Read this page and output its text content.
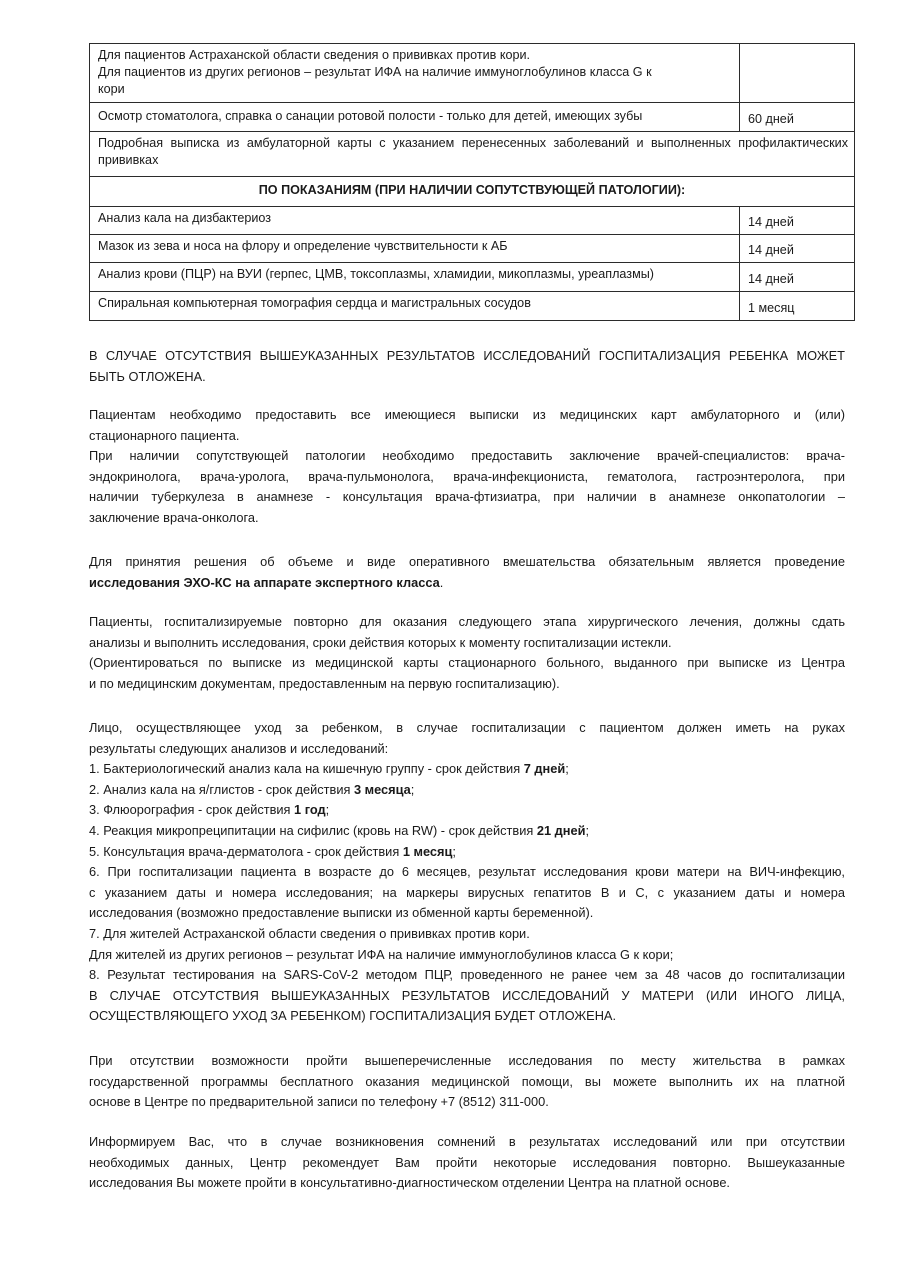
Для пациентов Астраханской области сведения о прививках против кори.
Для пациентов из других регионов – результат ИФА на наличие иммуноглобулинов класса G к
кори	

Осмотр стоматолога, справка о санации ротовой полости - только для детей, имеющих зубы	60 дней
Подробная выписка из амбулаторной карты с указанием перенесенных заболеваний и выполненных профилактических прививках	
ПО ПОКАЗАНИЯМ (ПРИ НАЛИЧИИ СОПУТСТВУЮЩЕЙ ПАТОЛОГИИ):	
Анализ кала на дизбактериоз	14 дней
Мазок из зева и носа на флору и определение чувствительности к АБ	14 дней
Анализ крови (ПЦР) на ВУИ (герпес, ЦМВ, токсоплазмы, хламидии, микоплазмы, уреаплазмы)	14 дней
Спиральная компьютерная томография сердца и магистральных сосудов	1 месяц
В СЛУЧАЕ ОТСУТСТВИЯ ВЫШЕУКАЗАННЫХ РЕЗУЛЬТАТОВ ИССЛЕДОВАНИЙ ГОСПИТАЛИЗАЦИЯ РЕБЕНКА МОЖЕТ
БЫТЬ ОТЛОЖЕНА.
Пациентам необходимо предоставить все имеющиеся выписки из медицинских карт амбулаторного и (или)
стационарного пациента.
При наличии сопутствующей патологии необходимо предоставить заключение врачей-специалистов: врача-
эндокринолога, врача-уролога, врача-пульмонолога, врача-инфекциониста, гематолога, гастроэнтеролога, при
наличии туберкулеза в анамнезе - консультация врача-фтизиатра, при наличии в анамнезе онкопатологии –
заключение врача-онколога.
Для принятия решения об объеме и виде оперативного вмешательства обязательным является проведение
исследования ЭХО-КС на аппарате экспертного класса.
Пациенты, госпитализируемые повторно для оказания следующего этапа хирургического лечения, должны сдать
анализы и выполнить исследования, сроки действия которых к моменту госпитализации истекли.
(Ориентироваться по выписке из медицинской карты стационарного больного, выданного при выписке из Центра
и по медицинским документам, предоставленным на первую госпитализацию).
Лицо, осуществляющее уход за ребенком, в случае госпитализации с пациентом должен иметь на руках
результаты следующих анализов и исследований:
1. Бактериологический анализ кала на кишечную группу - срок действия 7 дней;
2. Анализ кала на я/глистов - срок действия 3 месяца;
3. Флюорография - срок действия 1 год;
4. Реакция микропреципитации на сифилис (кровь на RW) - срок действия 21 дней;
5. Консультация врача-дерматолога - срок действия 1 месяц;
6. При госпитализации пациента в возрасте до 6 месяцев, результат исследования крови матери на ВИЧ-инфекцию,
с указанием даты и номера исследования; на маркеры вирусных гепатитов В и С, с указанием даты и номера
исследования (возможно предоставление выписки из обменной карты беременной).
7. Для жителей Астраханской области сведения о прививках против кори.
Для жителей из других регионов – результат ИФА на наличие иммуноглобулинов класса G к кори;
8. Результат тестирования на SARS-CoV-2 методом ПЦР, проведенного не ранее чем за 48 часов до госпитализации
В СЛУЧАЕ ОТСУТСТВИЯ ВЫШЕУКАЗАННЫХ РЕЗУЛЬТАТОВ ИССЛЕДОВАНИЙ У МАТЕРИ (ИЛИ ИНОГО ЛИЦА,
ОСУЩЕСТВЛЯЮЩЕГО УХОД ЗА РЕБЕНКОМ) ГОСПИТАЛИЗАЦИЯ БУДЕТ ОТЛОЖЕНА.
При отсутствии возможности пройти вышеперечисленные исследования по месту жительства в рамках
государственной программы бесплатного оказания медицинской помощи, вы можете выполнить их на платной
основе в Центре по предварительной записи по телефону +7 (8512) 311-000.
Информируем Вас, что в случае возникновения сомнений в результатах исследований или при отсутствии
необходимых данных, Центр рекомендует Вам пройти некоторые исследования повторно. Вышеуказанные
исследования Вы можете пройти в консультативно-диагностическом отделении Центра на платной основе.
